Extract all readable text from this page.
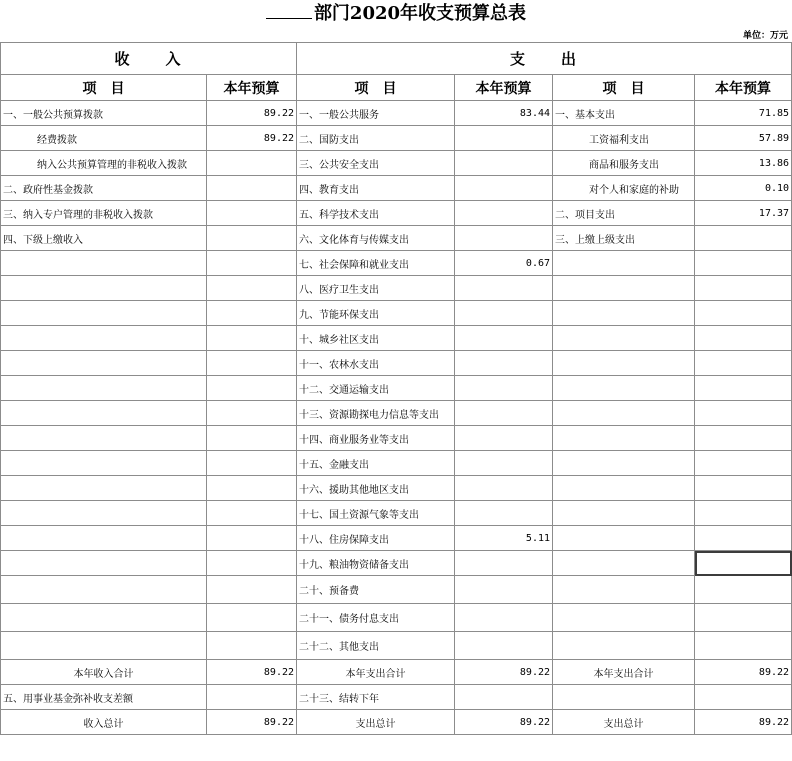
部门2020年收支预算总表
单位：万元
收　　入		支　　出			
项　目	本年预算	项　目	本年预算	项　目	本年预算
一、一般公共预算拨款	89.22	一、一般公共服务	83.44	一、基本支出	71.85
经费拨款	89.22	二、国防支出		工资福利支出	57.89
纳入公共预算管理的非税收入拨款		三、公共安全支出		商品和服务支出	13.86
二、政府性基金拨款		四、教育支出		对个人和家庭的补助	0.10
三、纳入专户管理的非税收入拨款		五、科学技术支出		二、项目支出	17.37
四、下级上缴收入		六、文化体育与传媒支出		三、上缴上级支出	
		七、社会保障和就业支出	0.67		
		八、医疗卫生支出			
		九、节能环保支出			
		十、城乡社区支出			
		十一、农林水支出			
		十二、交通运输支出			
		十三、资源勘探电力信息等支出			
		十四、商业服务业等支出			
		十五、金融支出			
		十六、援助其他地区支出			
		十七、国土资源气象等支出			
		十八、住房保障支出	5.11		
		十九、粮油物资储备支出			
		二十、预备费			
		二十一、债务付息支出			
		二十二、其他支出			
本年收入合计	89.22	本年支出合计	89.22	本年支出合计	89.22
五、用事业基金弥补收支差额		二十三、结转下年			
收入总计	89.22	支出总计	89.22	支出总计	89.22
